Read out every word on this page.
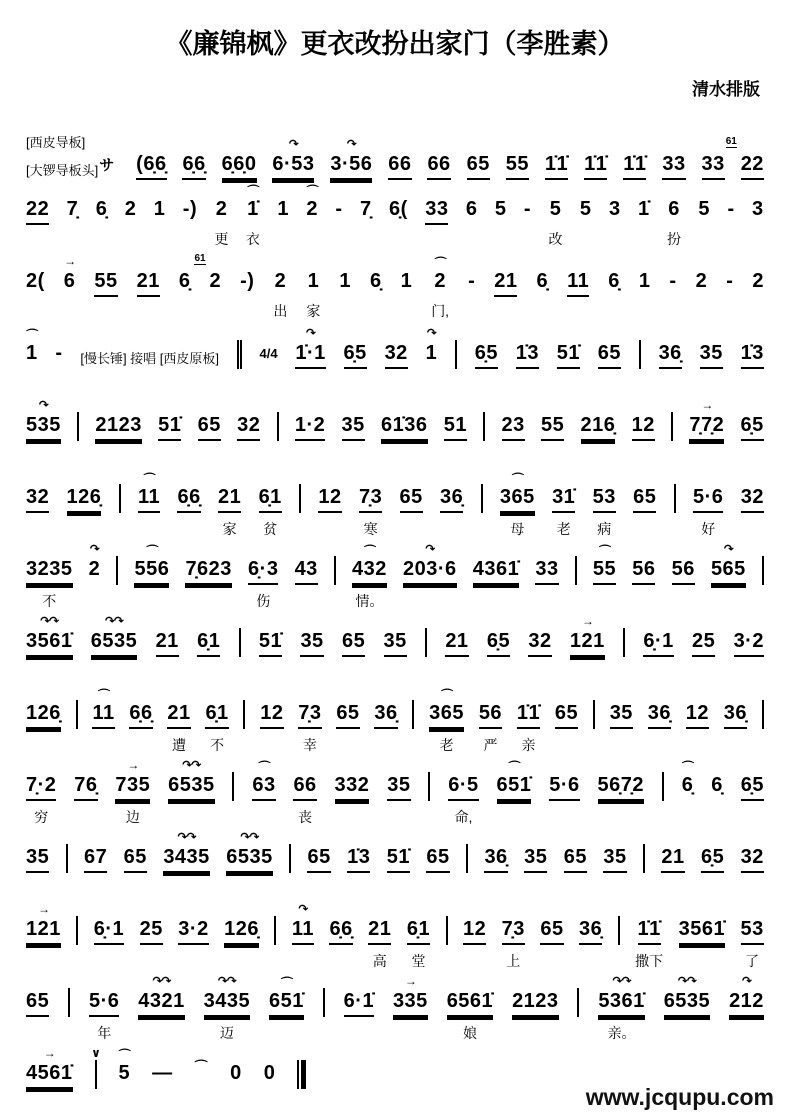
《廉锦枫》更衣改扮出家门（李胜素）
清水排版
[西皮导板]
[大锣导板头]サ (6̣6̣ 6̣6̣ 6̣6̣0
↷
6·53
↷
3·56 66 66 65 55 1̇1̇ 1̇1̇ 1̇1̇ 33 33
61
22
22 7̣ 6̣ 2 1 -) 2
更
⌒
1̇
衣
1
⌒
2 - 7̣ 6̣( 33 6 5 - 5
改
5 3 1̇ 6
扮
5 - 3
2(
→
6 55 21 6̣
61
2 -) 2
出
1
家
1 6̣ 1
⌒
2
门,
- 21 6̣ 11 6̣ 1 - 2 - 2
⌒
1 - [慢长锤] 接唱 [西皮原板]	4/4
↷
1̇·1 6̣5 32
↷
1 6̣5 1̇3 51̇ 65 36̣ 35 1̇3
↷
535 2123 51̇ 65 32 1·2 35 61̇36 51 23 55 216̣ 12
→
7̣7̣2 6̣5
32 126̣
⌒
11 6̣6̣ 21
家
6̣1
贫
12 7̣3
寒
65 36̣
⌒
365
母
31̇
老
53
病
65 5·6
好
32
3235
不
↷
2
⌒
556 7̣623 6̣·3
伤
43
⌒
432
情。
↷
203·6 4361̇ 33
⌒
55 56 56
↷
565
↷↷
3561̇
↷↷
6535 21 6̣1 51̇ 35 65 35 21 6̣5 32
→
121 6̣·1 25 3·2
126̣
⌒
11 6̣6̣ 21
遭
6̣1
不
12 7̣3
幸
65 36̣
⌒
365
老
56
严
1̇1̇
亲
65 35 36̣ 12 36̣
7̣·2
穷
76̣
→
735
边
↷↷
6535
⌒
63 66
丧
332 35 6·5
命,
⌒
651̇ 5·6 56̣7̣2
⌒
6̣ 6̣ 6̣5
35 67 65
↷↷
3435
↷↷
6535 65 1̇3 51̇ 65 36̣ 35 65 35 21 6̣5 32
→
121 6̣·1 25 3·2 126̣
↷
11 6̣6̣ 21
高
6̣1
堂
12 7̣3
上
65 36̣ 1̇1̇
撒下
3561̇ 53
了
65 5·6
年
↷↷
4321
↷↷
3435
迈
⌒
651̇ 6·1̇
→
335 6561̇
娘
2123
↷↷
5361̇
亲。
↷↷
6535
↷
212
→
4561̇
∨ ⌒
5 — ⌒ 0 0
www.jcqupu.com
